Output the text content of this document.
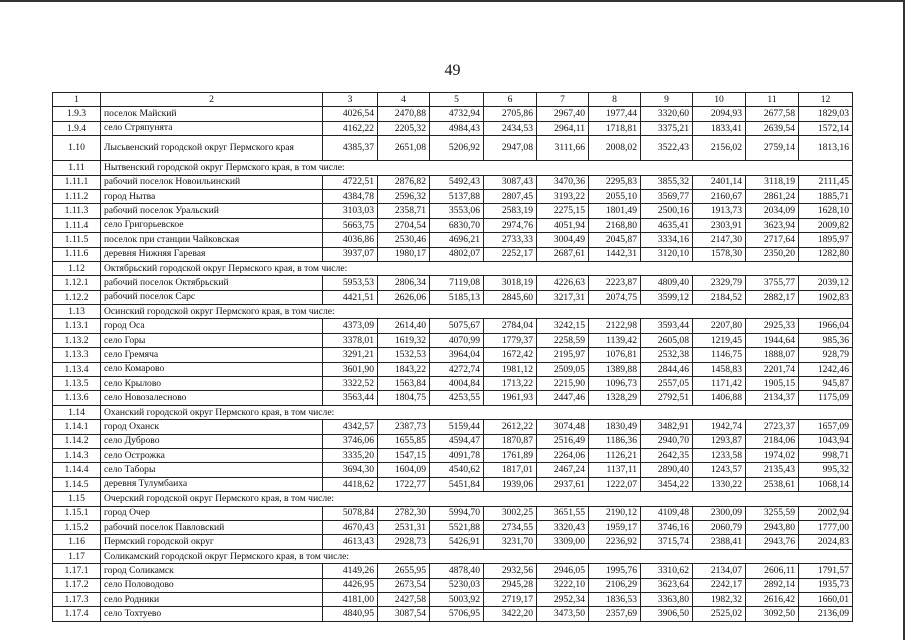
49
1	2	3	4	5	6	7	8	9	10	11	12
1.9.3	поселок Майский	4026,54	2470,88	4732,94	2705,86	2967,40	1977,44	3320,60	2094,93	2677,58	1829,03
1.9.4	село Стряпунята	4162,22	2205,32	4984,43	2434,53	2964,11	1718,81	3375,21	1833,41	2639,54	1572,14
1.10	Лысьвенский городской округ Пермского края	4385,37	2651,08	5206,92	2947,08	3111,66	2008,02	3522,43	2156,02	2759,14	1813,16
1.11	Нытвенский городской округ Пермского края, в том числе:										
1.11.1	рабочий поселок Новоильинский	4722,51	2876,82	5492,43	3087,43	3470,36	2295,83	3855,32	2401,14	3118,19	2111,45
1.11.2	город Нытва	4384,78	2596,32	5137,88	2807,45	3193,22	2055,10	3569,77	2160,67	2861,24	1885,71
1.11.3	рабочий поселок Уральский	3103,03	2358,71	3553,06	2583,19	2275,15	1801,49	2500,16	1913,73	2034,09	1628,10
1.11.4	село Григорьевское	5663,75	2704,54	6830,70	2974,76	4051,94	2168,80	4635,41	2303,91	3623,94	2009,82
1.11.5	поселок при станции Чайковская	4036,86	2530,46	4696,21	2733,33	3004,49	2045,87	3334,16	2147,30	2717,64	1895,97
1.11.6	деревня Нижняя Гаревая	3937,07	1980,17	4802,07	2252,17	2687,61	1442,31	3120,10	1578,30	2350,20	1282,80
1.12	Октябрьский городской округ Пермского края, в том числе:										
1.12.1	рабочий поселок Октябрьский	5953,53	2806,34	7119,08	3018,19	4226,63	2223,87	4809,40	2329,79	3755,77	2039,12
1.12.2	рабочий поселок Сарс	4421,51	2626,06	5185,13	2845,60	3217,31	2074,75	3599,12	2184,52	2882,17	1902,83
1.13	Осинский городской округ Пермского края, в том числе:										
1.13.1	город Оса	4373,09	2614,40	5075,67	2784,04	3242,15	2122,98	3593,44	2207,80	2925,33	1966,04
1.13.2	село Горы	3378,01	1619,32	4070,99	1779,37	2258,59	1139,42	2605,08	1219,45	1944,64	985,36
1.13.3	село Гремяча	3291,21	1532,53	3964,04	1672,42	2195,97	1076,81	2532,38	1146,75	1888,07	928,79
1.13.4	село Комарово	3601,90	1843,22	4272,74	1981,12	2509,05	1389,88	2844,46	1458,83	2201,74	1242,46
1.13.5	село Крылово	3322,52	1563,84	4004,84	1713,22	2215,90	1096,73	2557,05	1171,42	1905,15	945,87
1.13.6	село Новозалесново	3563,44	1804,75	4253,55	1961,93	2447,46	1328,29	2792,51	1406,88	2134,37	1175,09
1.14	Оханский городской округ Пермского края, в том числе:										
1.14.1	город Оханск	4342,57	2387,73	5159,44	2612,22	3074,48	1830,49	3482,91	1942,74	2723,37	1657,09
1.14.2	село Дуброво	3746,06	1655,85	4594,47	1870,87	2516,49	1186,36	2940,70	1293,87	2184,06	1043,94
1.14.3	село Острожка	3335,20	1547,15	4091,78	1761,89	2264,06	1126,21	2642,35	1233,58	1974,02	998,71
1.14.4	село Таборы	3694,30	1604,09	4540,62	1817,01	2467,24	1137,11	2890,40	1243,57	2135,43	995,32
1.14.5	деревня Тулумбаиха	4418,62	1722,77	5451,84	1939,06	2937,61	1222,07	3454,22	1330,22	2538,61	1068,14
1.15	Очерский городской округ Пермского края, в том числе:										
1.15.1	город Очер	5078,84	2782,30	5994,70	3002,25	3651,55	2190,12	4109,48	2300,09	3255,59	2002,94
1.15.2	рабочий поселок Павловский	4670,43	2531,31	5521,88	2734,55	3320,43	1959,17	3746,16	2060,79	2943,80	1777,00
1.16	Пермский городской округ	4613,43	2928,73	5426,91	3231,70	3309,00	2236,92	3715,74	2388,41	2943,76	2024,83
1.17	Соликамский городской округ Пермского края, в том числе:										
1.17.1	город Соликамск	4149,26	2655,95	4878,40	2932,56	2946,05	1995,76	3310,62	2134,07	2606,11	1791,57
1.17.2	село Половодово	4426,95	2673,54	5230,03	2945,28	3222,10	2106,29	3623,64	2242,17	2892,14	1935,73
1.17.3	село Родники	4181,00	2427,58	5003,92	2719,17	2952,34	1836,53	3363,80	1982,32	2616,42	1660,01
1.17.4	село Тохтуево	4840,95	3087,54	5706,95	3422,20	3473,50	2357,69	3906,50	2525,02	3092,50	2136,09
